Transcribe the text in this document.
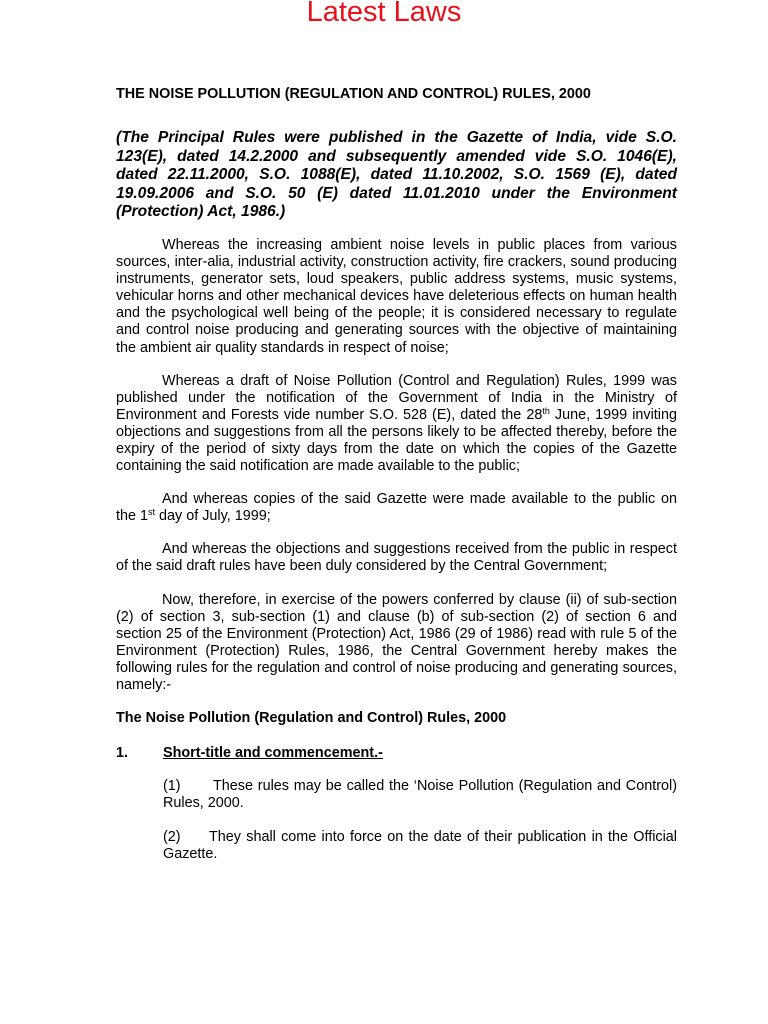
Latest Laws
THE NOISE POLLUTION (REGULATION AND CONTROL) RULES, 2000
(The Principal Rules were published in the Gazette of India, vide S.O. 123(E), dated 14.2.2000 and subsequently amended vide S.O. 1046(E), dated 22.11.2000, S.O. 1088(E), dated 11.10.2002, S.O. 1569 (E), dated 19.09.2006 and S.O. 50 (E) dated 11.01.2010 under the Environment (Protection) Act, 1986.)
Whereas the increasing ambient noise levels in public places from various sources, inter-alia, industrial activity, construction activity, fire crackers, sound producing instruments, generator sets, loud speakers, public address systems, music systems, vehicular horns and other mechanical devices have deleterious effects on human health and the psychological well being of the people; it is considered necessary to regulate and control noise producing and generating sources with the objective of maintaining the ambient air quality standards in respect of noise;
Whereas a draft of Noise Pollution (Control and Regulation) Rules, 1999 was published under the notification of the Government of India in the Ministry of Environment and Forests vide number S.O. 528 (E), dated the 28th June, 1999 inviting objections and suggestions from all the persons likely to be affected thereby, before the expiry of the period of sixty days from the date on which the copies of the Gazette containing the said notification are made available to the public;
And whereas copies of the said Gazette were made available to the public on the 1st day of July, 1999;
And whereas the objections and suggestions received from the public in respect of the said draft rules have been duly considered by the Central Government;
Now, therefore, in exercise of the powers conferred by clause (ii) of sub-section (2) of section 3, sub-section (1) and clause (b) of sub-section (2) of section 6 and section 25 of the Environment (Protection) Act, 1986 (29 of 1986) read with rule 5 of the Environment (Protection) Rules, 1986, the Central Government hereby makes the following rules for the regulation and control of noise producing and generating sources, namely:-
The Noise Pollution (Regulation and Control) Rules, 2000
1.	Short-title and commencement.-
(1) These rules may be called the ‘Noise Pollution (Regulation and Control) Rules, 2000.
(2) They shall come into force on the date of their publication in the Official Gazette.
